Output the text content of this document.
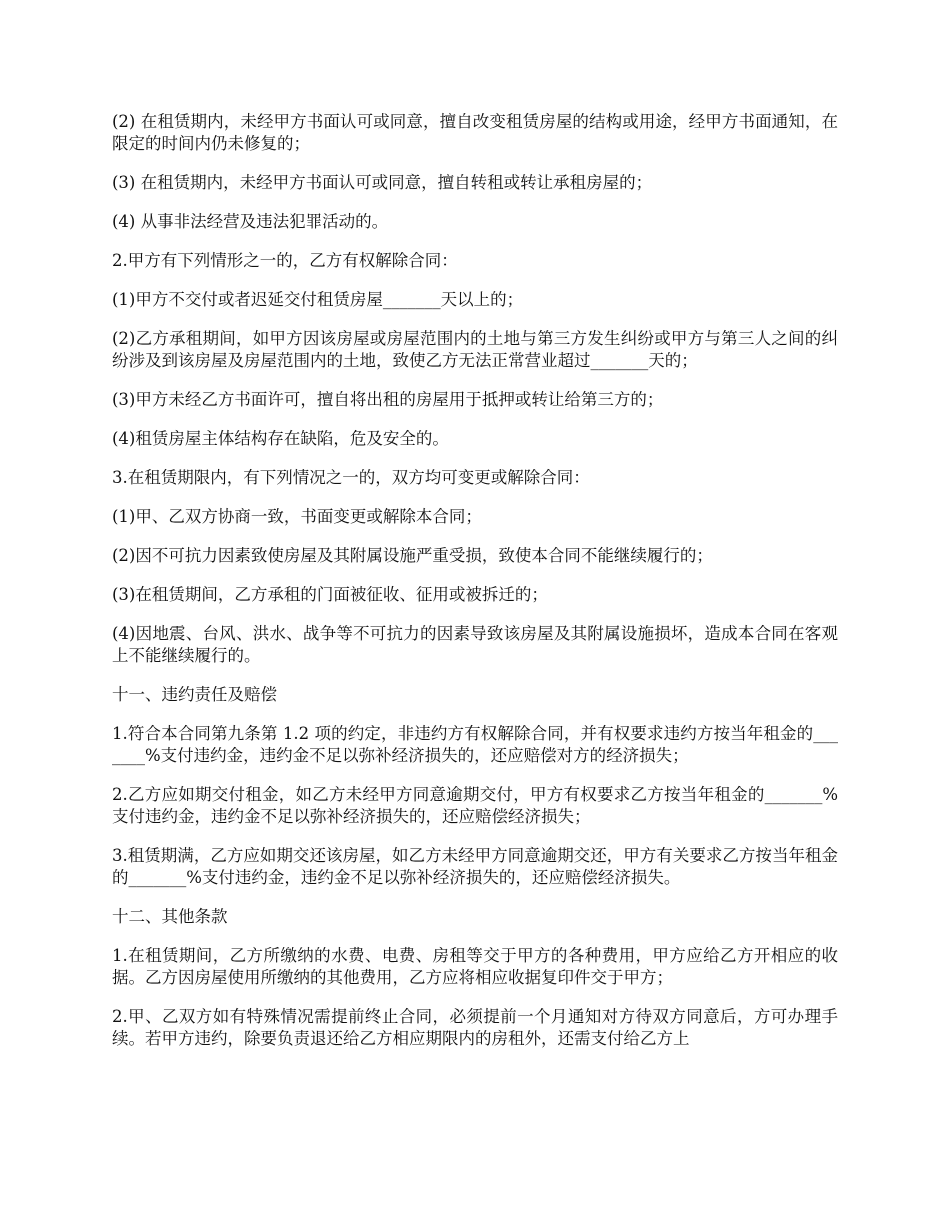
(2) 在租赁期内，未经甲方书面认可或同意，擅自改变租赁房屋的结构或用途，经甲方书面通知，在限定的时间内仍未修复的；

(3) 在租赁期内，未经甲方书面认可或同意，擅自转租或转让承租房屋的；

(4) 从事非法经营及违法犯罪活动的。

2.甲方有下列情形之一的，乙方有权解除合同：

(1)甲方不交付或者迟延交付租赁房屋_______天以上的；

(2)乙方承租期间，如甲方因该房屋或房屋范围内的土地与第三方发生纠纷或甲方与第三人之间的纠纷涉及到该房屋及房屋范围内的土地，致使乙方无法正常营业超过_______天的；

(3)甲方未经乙方书面许可，擅自将出租的房屋用于抵押或转让给第三方的；

(4)租赁房屋主体结构存在缺陷，危及安全的。

3.在租赁期限内，有下列情况之一的，双方均可变更或解除合同：

(1)甲、乙双方协商一致，书面变更或解除本合同；

(2)因不可抗力因素致使房屋及其附属设施严重受损，致使本合同不能继续履行的；

(3)在租赁期间，乙方承租的门面被征收、征用或被拆迁的；

(4)因地震、台风、洪水、战争等不可抗力的因素导致该房屋及其附属设施损坏，造成本合同在客观上不能继续履行的。

十一、违约责任及赔偿

1.符合本合同第九条第 1.2 项的约定，非违约方有权解除合同，并有权要求违约方按当年租金的_______%支付违约金，违约金不足以弥补经济损失的，还应赔偿对方的经济损失；

2.乙方应如期交付租金，如乙方未经甲方同意逾期交付，甲方有权要求乙方按当年租金的_______%支付违约金，违约金不足以弥补经济损失的，还应赔偿经济损失；

3.租赁期满，乙方应如期交还该房屋，如乙方未经甲方同意逾期交还，甲方有关要求乙方按当年租金的_______%支付违约金，违约金不足以弥补经济损失的，还应赔偿经济损失。

十二、其他条款

1.在租赁期间，乙方所缴纳的水费、电费、房租等交于甲方的各种费用，甲方应给乙方开相应的收据。乙方因房屋使用所缴纳的其他费用，乙方应将相应收据复印件交于甲方；

2.甲、乙双方如有特殊情况需提前终止合同，必须提前一个月通知对方待双方同意后，方可办理手续。若甲方违约，除要负责退还给乙方相应期限内的房租外，还需支付给乙方上
